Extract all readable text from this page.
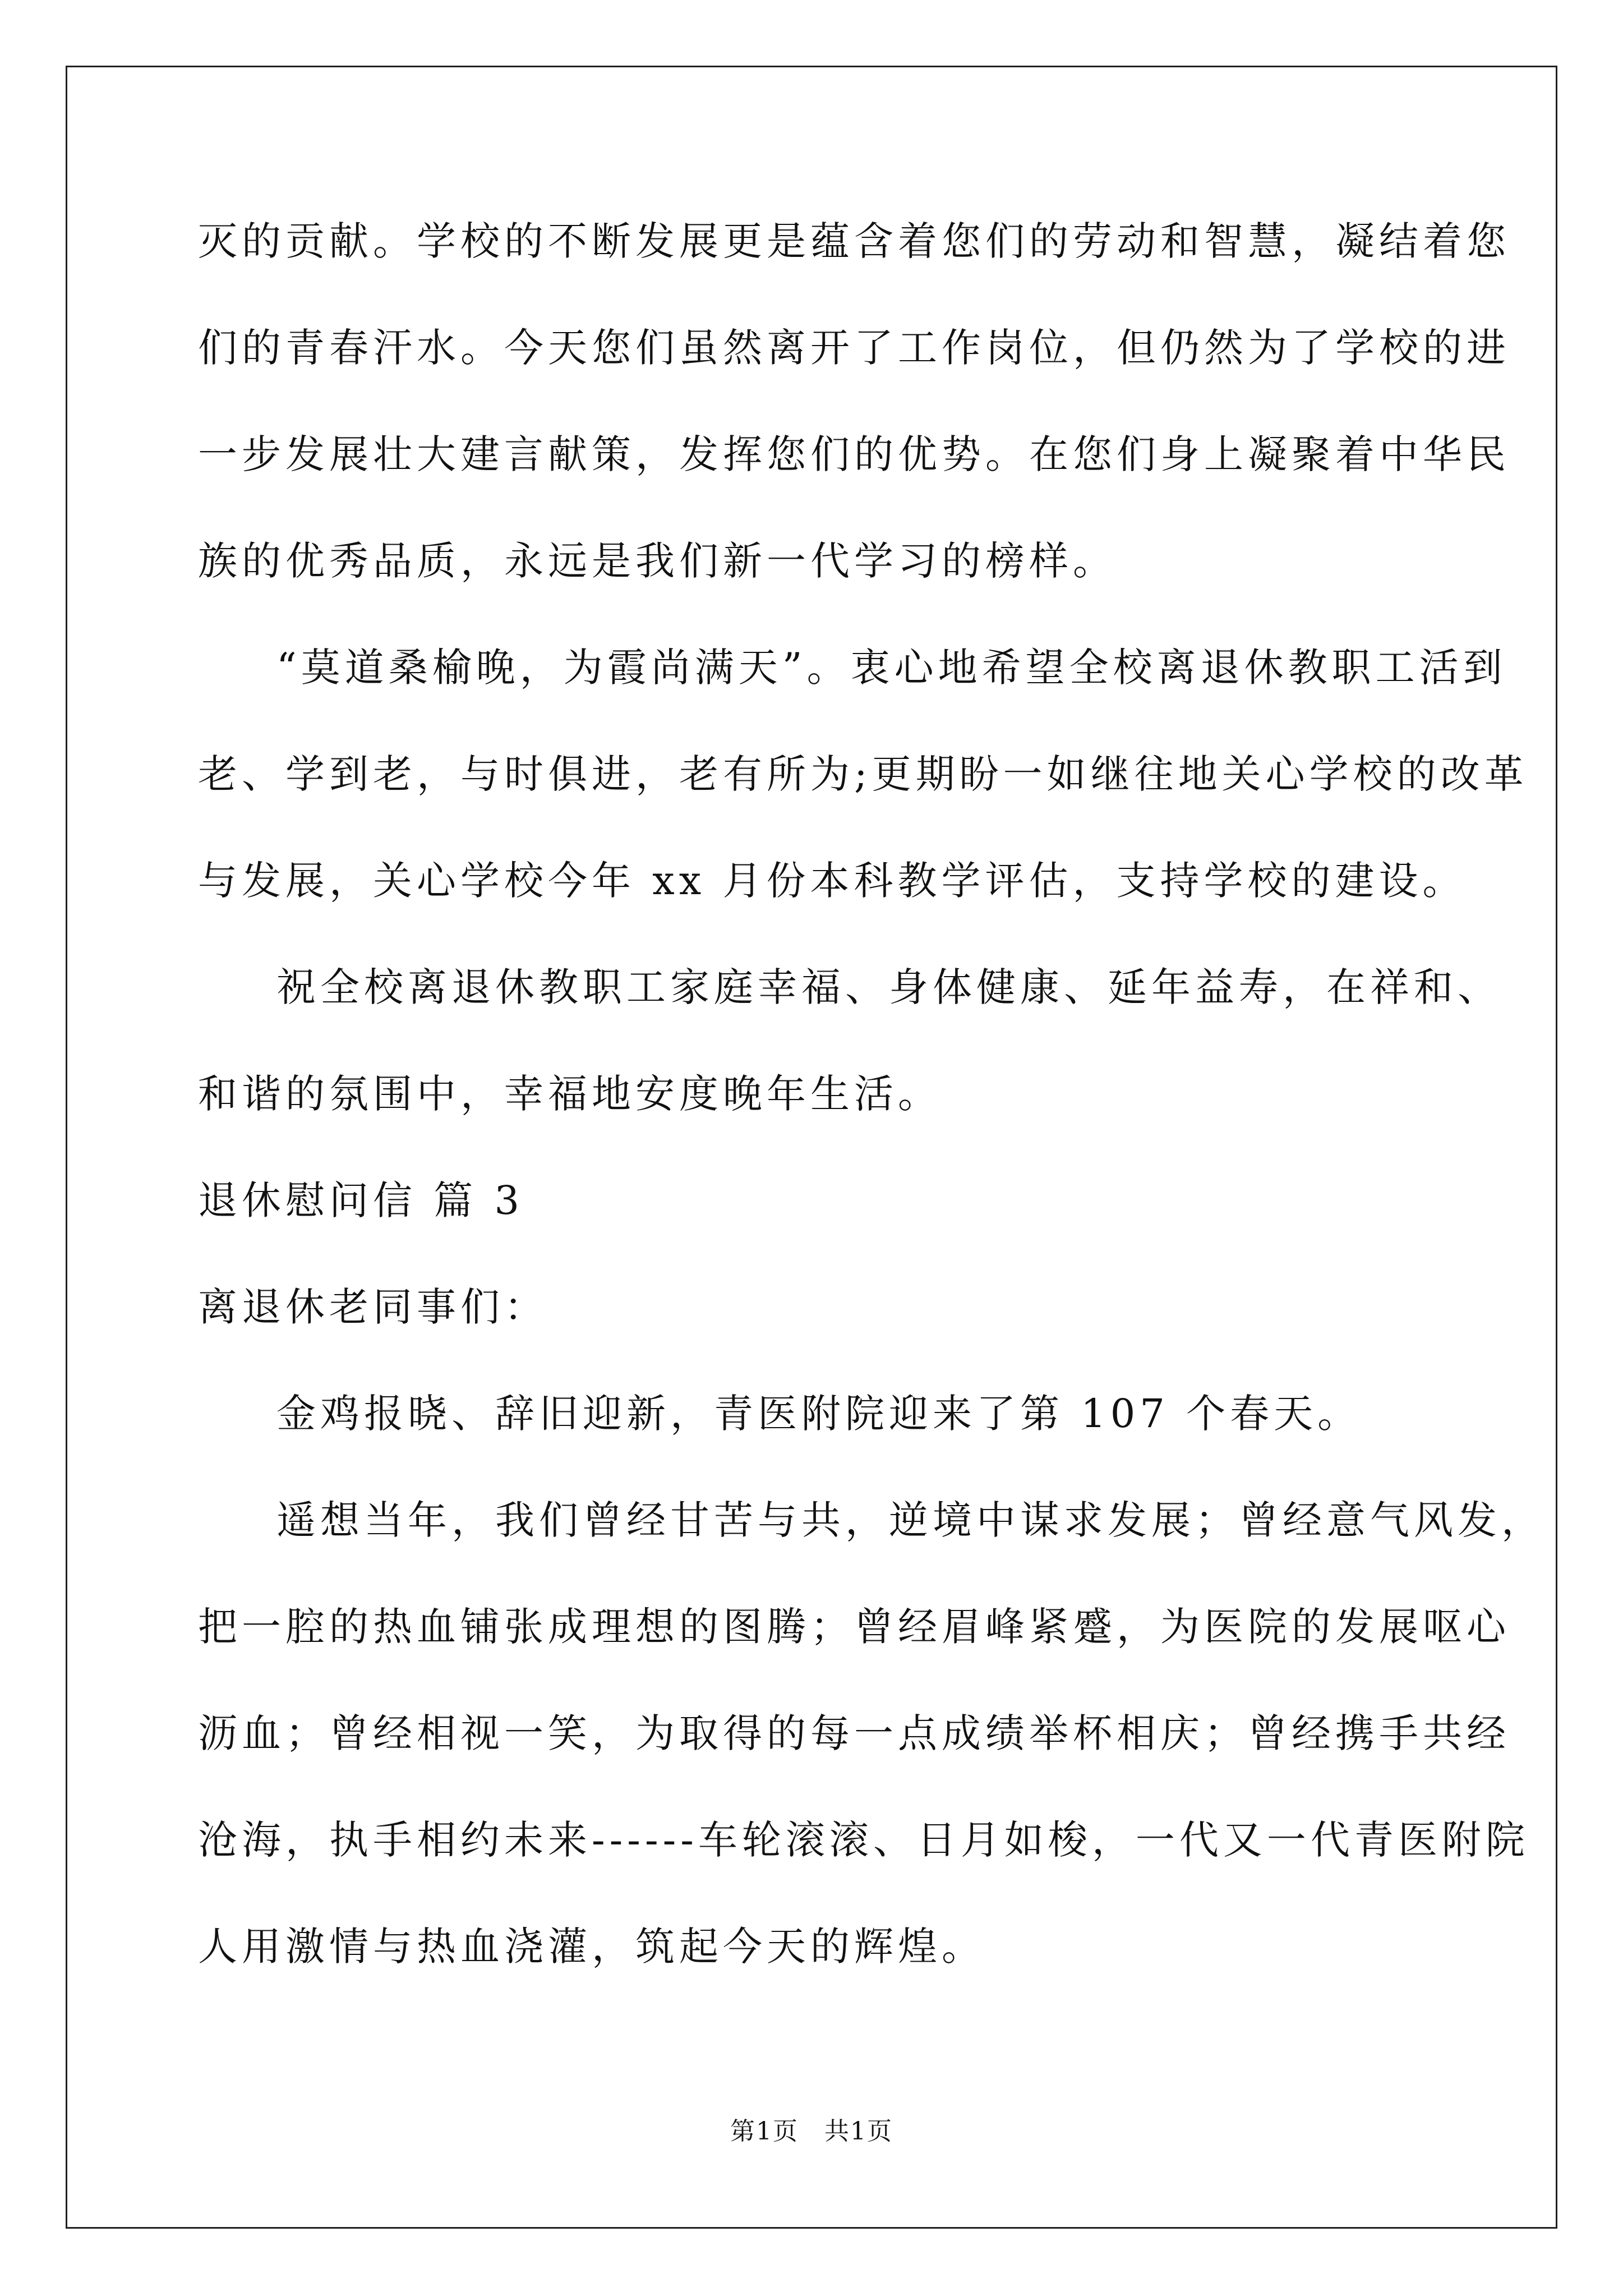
灭的贡献。学校的不断发展更是蕴含着您们的劳动和智慧，凝结着您
们的青春汗水。今天您们虽然离开了工作岗位，但仍然为了学校的进
一步发展壮大建言献策，发挥您们的优势。在您们身上凝聚着中华民
族的优秀品质，永远是我们新一代学习的榜样。
“莫道桑榆晚，为霞尚满天”。衷心地希望全校离退休教职工活到
老、学到老，与时俱进，老有所为;更期盼一如继往地关心学校的改革
与发展，关心学校今年 xx 月份本科教学评估，支持学校的建设。
祝全校离退休教职工家庭幸福、身体健康、延年益寿，在祥和、
和谐的氛围中，幸福地安度晚年生活。
退休慰问信 篇 3
离退休老同事们：
金鸡报晓、辞旧迎新，青医附院迎来了第 107 个春天。
遥想当年，我们曾经甘苦与共，逆境中谋求发展；曾经意气风发，
把一腔的热血铺张成理想的图腾；曾经眉峰紧蹙，为医院的发展呕心
沥血；曾经相视一笑，为取得的每一点成绩举杯相庆；曾经携手共经
沧海，执手相约未来------车轮滚滚、日月如梭，一代又一代青医附院
人用激情与热血浇灌，筑起今天的辉煌。
第1页　共1页
